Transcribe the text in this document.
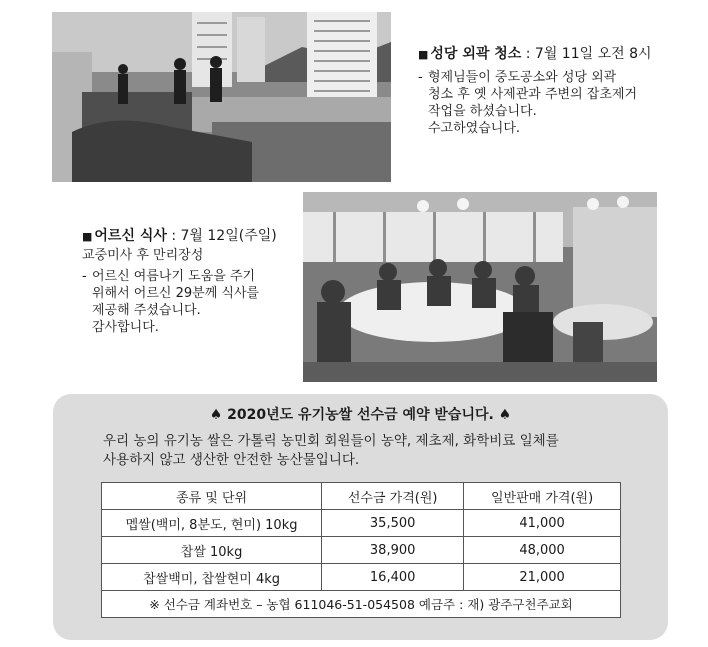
■ 성당 외곽 청소 : 7월 11일 오전 8시
- 형제님들이 중도공소와 성당 외곽

청소 후 옛 사제관과 주변의 잡초제거

작업을 하셨습니다.

수고하였습니다.

■ 어르신 식사 : 7월 12일(주일)
교중미사 후 만리장성
- 어르신 여름나기 도움을 주기

위해서 어르신 29분께 식사를

제공해 주셨습니다.

감사합니다.

♠ 2020년도 유기농쌀 선수금 예약 받습니다. ♠
우리 농의 유기농 쌀은 가톨릭 농민회 회원들이 농약, 제초제, 화학비료 일체를
사용하지 않고 생산한 안전한 농산물입니다.
종류 및 단위	선수금 가격(원)	일반판매 가격(원)
멥쌀(백미, 8분도, 현미) 10kg	35,500	41,000
찹쌀 10kg	38,900	48,000
찹쌀백미, 찹쌀현미 4kg	16,400	21,000
※ 선수금 계좌번호 – 농협 611046-51-054508 예금주 : 재) 광주구천주교회		
